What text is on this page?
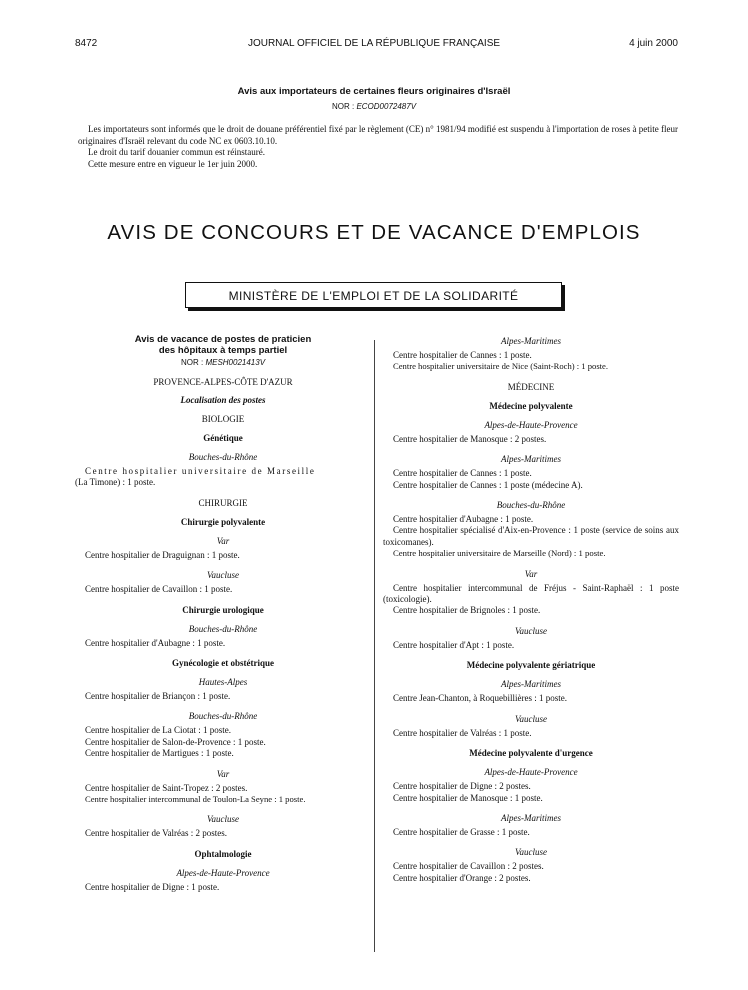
8472	JOURNAL OFFICIEL DE LA RÉPUBLIQUE FRANÇAISE	4 juin 2000
Avis aux importateurs de certaines fleurs originaires d'Israël
NOR : ECOD0072487V

Les importateurs sont informés que le droit de douane préférentiel fixé par le règlement (CE) n° 1981/94 modifié est suspendu à l'importation de roses à petite fleur originaires d'Israël relevant du code NC ex 0603.10.10.

Le droit du tarif douanier commun est réinstauré.

Cette mesure entre en vigueur le 1er juin 2000.

AVIS DE CONCOURS ET DE VACANCE D'EMPLOIS
MINISTÈRE DE L'EMPLOI ET DE LA SOLIDARITÉ
Avis de vacance de postes de praticien
des hôpitaux à temps partiel
NOR : MESH0021413V
PROVENCE-ALPES-CÔTE D'AZUR
Localisation des postes
BIOLOGIE
Génétique
Bouches-du-Rhône
Centre hospitalier universitaire de Marseille
(La Timone) : 1 poste.
CHIRURGIE
Chirurgie polyvalente
Var
Centre hospitalier de Draguignan : 1 poste.
Vaucluse
Centre hospitalier de Cavaillon : 1 poste.
Chirurgie urologique
Bouches-du-Rhône
Centre hospitalier d'Aubagne : 1 poste.
Gynécologie et obstétrique
Hautes-Alpes
Centre hospitalier de Briançon : 1 poste.
Bouches-du-Rhône
Centre hospitalier de La Ciotat : 1 poste.
Centre hospitalier de Salon-de-Provence : 1 poste.
Centre hospitalier de Martigues : 1 poste.
Var
Centre hospitalier de Saint-Tropez : 2 postes.
Centre hospitalier intercommunal de Toulon-La Seyne : 1 poste.
Vaucluse
Centre hospitalier de Valréas : 2 postes.
Ophtalmologie
Alpes-de-Haute-Provence
Centre hospitalier de Digne : 1 poste.
Alpes-Maritimes
Centre hospitalier de Cannes : 1 poste.
Centre hospitalier universitaire de Nice (Saint-Roch) : 1 poste.
MÉDECINE
Médecine polyvalente
Alpes-de-Haute-Provence
Centre hospitalier de Manosque : 2 postes.
Alpes-Maritimes
Centre hospitalier de Cannes : 1 poste.
Centre hospitalier de Cannes : 1 poste (médecine A).
Bouches-du-Rhône
Centre hospitalier d'Aubagne : 1 poste.
Centre hospitalier spécialisé d'Aix-en-Provence : 1 poste (service de soins aux toxicomanes).
Centre hospitalier universitaire de Marseille (Nord) : 1 poste.
Var
Centre hospitalier intercommunal de Fréjus - Saint-Raphaël : 1 poste (toxicologie).
Centre hospitalier de Brignoles : 1 poste.
Vaucluse
Centre hospitalier d'Apt : 1 poste.
Médecine polyvalente gériatrique
Alpes-Maritimes
Centre Jean-Chanton, à Roquebillières : 1 poste.
Vaucluse
Centre hospitalier de Valréas : 1 poste.
Médecine polyvalente d'urgence
Alpes-de-Haute-Provence
Centre hospitalier de Digne : 2 postes.
Centre hospitalier de Manosque : 1 poste.
Alpes-Maritimes
Centre hospitalier de Grasse : 1 poste.
Vaucluse
Centre hospitalier de Cavaillon : 2 postes.
Centre hospitalier d'Orange : 2 postes.
